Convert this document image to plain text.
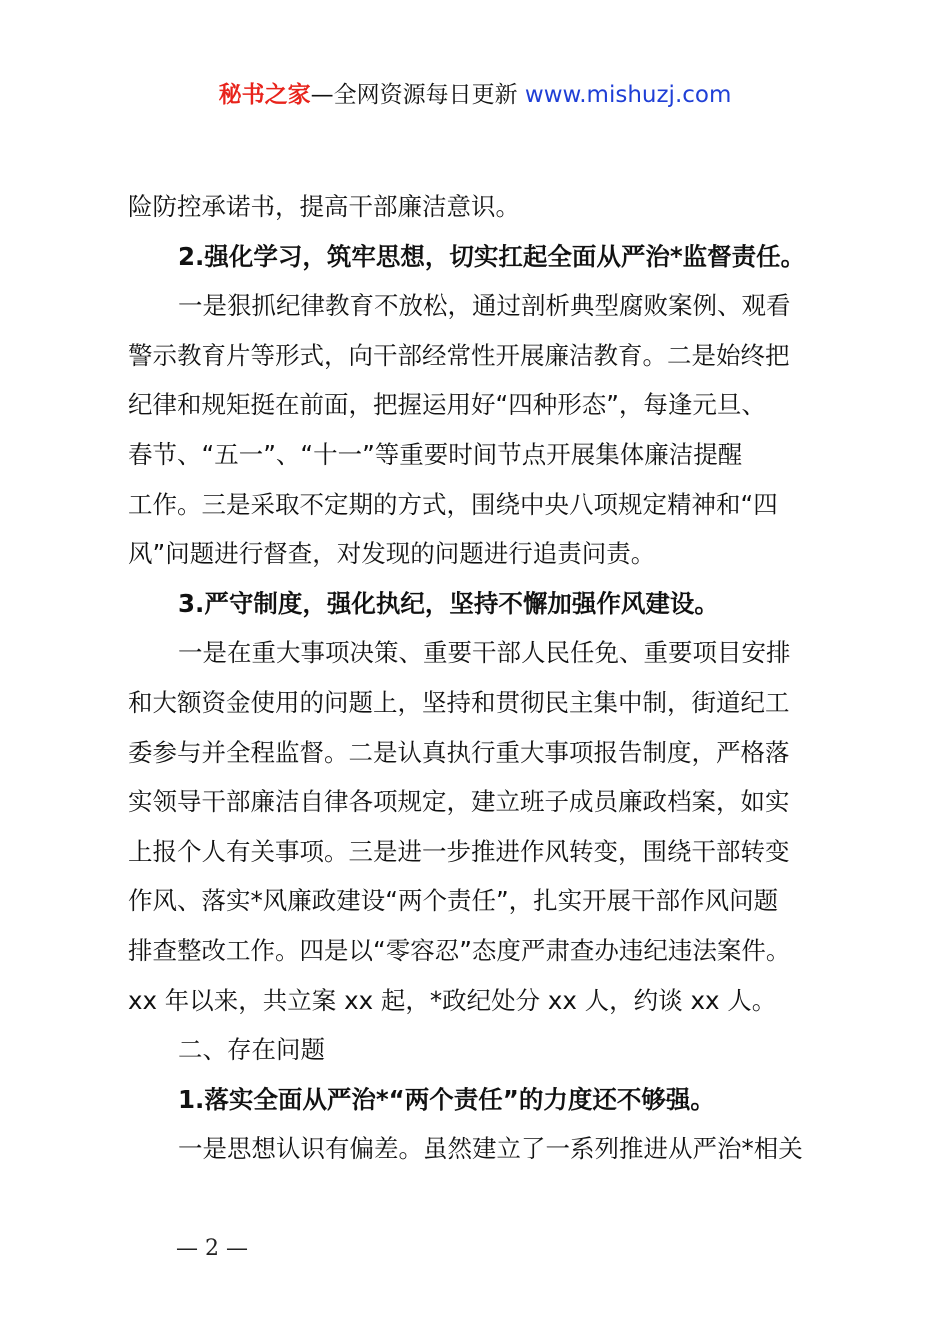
秘书之家—全网资源每日更新 www.mishuzj.com
险防控承诺书，提高干部廉洁意识。
2.强化学习，筑牢思想，切实扛起全面从严治*监督责任。
一是狠抓纪律教育不放松，通过剖析典型腐败案例、观看
警示教育片等形式，向干部经常性开展廉洁教育。二是始终把
纪律和规矩挺在前面，把握运用好“四种形态”，每逢元旦、
春节、“五一”、“十一”等重要时间节点开展集体廉洁提醒
工作。三是采取不定期的方式，围绕中央八项规定精神和“四
风”问题进行督查，对发现的问题进行追责问责。
3.严守制度，强化执纪，坚持不懈加强作风建设。
一是在重大事项决策、重要干部人民任免、重要项目安排
和大额资金使用的问题上，坚持和贯彻民主集中制，街道纪工
委参与并全程监督。二是认真执行重大事项报告制度，严格落
实领导干部廉洁自律各项规定，建立班子成员廉政档案，如实
上报个人有关事项。三是进一步推进作风转变，围绕干部转变
作风、落实*风廉政建设“两个责任”，扎实开展干部作风问题
排查整改工作。四是以“零容忍”态度严肃查办违纪违法案件。
xx 年以来，共立案 xx 起，*政纪处分 xx 人，约谈 xx 人。
二、存在问题
1.落实全面从严治*“两个责任”的力度还不够强。
一是思想认识有偏差。虽然建立了一系列推进从严治*相关
— 2 —
